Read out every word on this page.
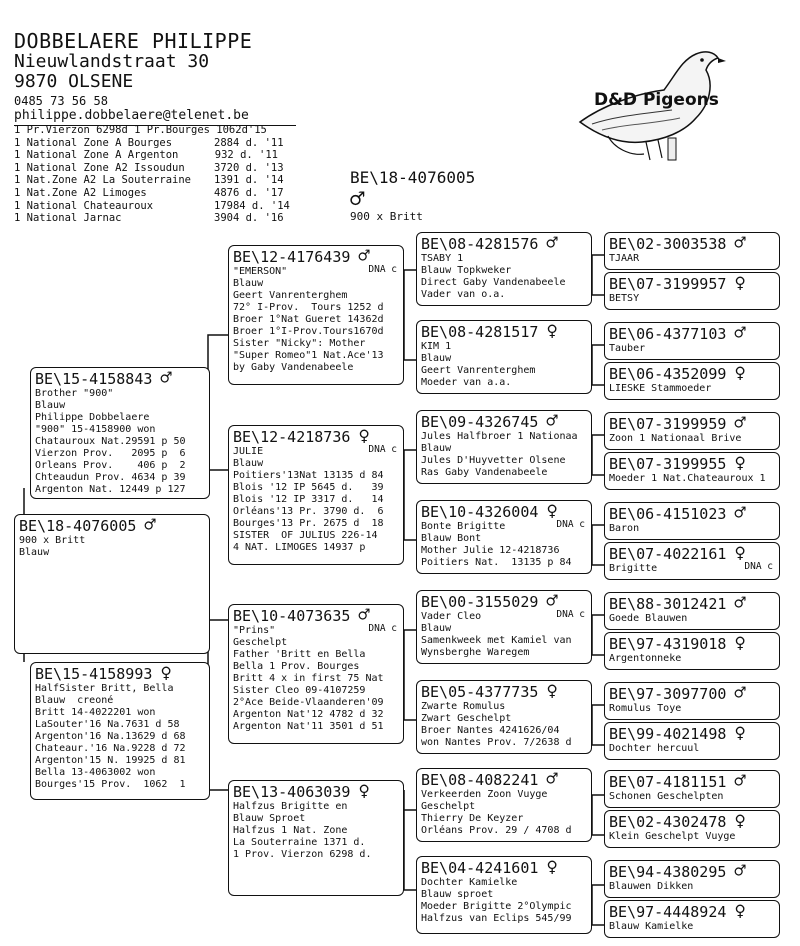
DOBBELAERE PHILIPPE
Nieuwlandstraat 30
9870 OLSENE
0485 73 56 58
philippe.dobbelaere@telenet.be
1 Pr.Vierzon 6298d 1 Pr.Bourges 1062d'15
1 National Zone A Bourges	2884 d. '11
1 National Zone A Argenton	932 d. '11
1 National Zone A2 Issoudun	3720 d. '13
1 Nat.Zone A2 La Souterraine	1391 d. '14
1 Nat.Zone A2 Limoges	4876 d. '17
1 National Chateauroux	17984 d. '14
1 National Jarnac	3904 d. '16
D&D Pigeons
BE\18-4076005
♂
900 x Britt
BE\18-4076005 ♂
900 x Britt
Blauw
BE\15-4158843 ♂
Brother "900"
Blauw
Philippe Dobbelaere
"900" 15-4158900 won
Chatauroux Nat.29591 p 50
Vierzon Prov.   2095 p  6
Orleans Prov.    406 p  2
Chteaudun Prov. 4634 p 39
Argenton Nat. 12449 p 127
BE\15-4158993 ♀
HalfSister Britt, Bella
Blauw  creoné
Britt 14-4022201 won
LaSouter'16 Na.7631 d 58
Argenton'16 Na.13629 d 68
Chateaur.'16 Na.9228 d 72
Argenton'15 N. 19925 d 81
Bella 13-4063002 won
Bourges'15 Prov.  1062  1
BE\12-4176439 ♂
DNA c
"EMERSON"
Blauw
Geert Vanrenterghem
72° I-Prov.  Tours 1252 d
Broer 1°Nat Gueret 14362d
Broer 1°I-Prov.Tours1670d
Sister "Nicky": Mother
"Super Romeo"1 Nat.Ace'13
by Gaby Vandenabeele
BE\12-4218736 ♀
DNA c
JULIE
Blauw
Poitiers'13Nat 13135 d 84
Blois '12 IP 5645 d.   39
Blois '12 IP 3317 d.   14
Orléans'13 Pr. 3790 d.  6
Bourges'13 Pr. 2675 d  18
SISTER  OF JULIUS 226-14
4 NAT. LIMOGES 14937 p
BE\10-4073635 ♂
DNA c
"Prins"
Geschelpt
Father 'Britt en Bella
Bella 1 Prov. Bourges
Britt 4 x in first 75 Nat
Sister Cleo 09-4107259
2°Ace Beide-Vlaanderen'09
Argenton Nat'12 4782 d 32
Argenton Nat'11 3501 d 51
BE\13-4063039 ♀
Halfzus Brigitte en
Blauw Sproet
Halfzus 1 Nat. Zone
La Souterraine 1371 d.
1 Prov. Vierzon 6298 d.
BE\08-4281576 ♂
TSABY 1
Blauw Topkweker
Direct Gaby Vandenabeele
Vader van o.a.
BE\08-4281517 ♀
KIM 1
Blauw
Geert Vanrenterghem
Moeder van a.a.
BE\09-4326745 ♂
Jules Halfbroer 1 Nationaa
Blauw
Jules D'Huyvetter Olsene
Ras Gaby Vandenabeele
BE\10-4326004 ♀
DNA c
Bonte Brigitte
Blauw Bont
Mother Julie 12-4218736
Poitiers Nat.  13135 p 84
BE\00-3155029 ♂
DNA c
Vader Cleo
Blauw
Samenkweek met Kamiel van
Wynsberghe Waregem
BE\05-4377735 ♀
Zwarte Romulus
Zwart Geschelpt
Broer Nantes 4241626/04
won Nantes Prov. 7/2638 d
BE\08-4082241 ♂
Verkeerden Zoon Vuyge
Geschelpt
Thierry De Keyzer
Orléans Prov. 29 / 4708 d
BE\04-4241601 ♀
Dochter Kamielke
Blauw sproet
Moeder Brigitte 2°Olympic
Halfzus van Eclips 545/99
BE\02-3003538 ♂
TJAAR
BE\07-3199957 ♀
BETSY
BE\06-4377103 ♂
Tauber
BE\06-4352099 ♀
LIESKE Stammoeder
BE\07-3199959 ♂
Zoon 1 Nationaal Brive
BE\07-3199955 ♀
Moeder 1 Nat.Chateauroux 1
BE\06-4151023 ♂
Baron
BE\07-4022161 ♀
DNA c
Brigitte
BE\88-3012421 ♂
Goede Blauwen
BE\97-4319018 ♀
Argentonneke
BE\97-3097700 ♂
Romulus Toye
BE\99-4021498 ♀
Dochter hercuul
BE\07-4181151 ♂
Schonen Geschelpten
BE\02-4302478 ♀
Klein Geschelpt Vuyge
BE\94-4380295 ♂
Blauwen Dikken
BE\97-4448924 ♀
Blauw Kamielke
